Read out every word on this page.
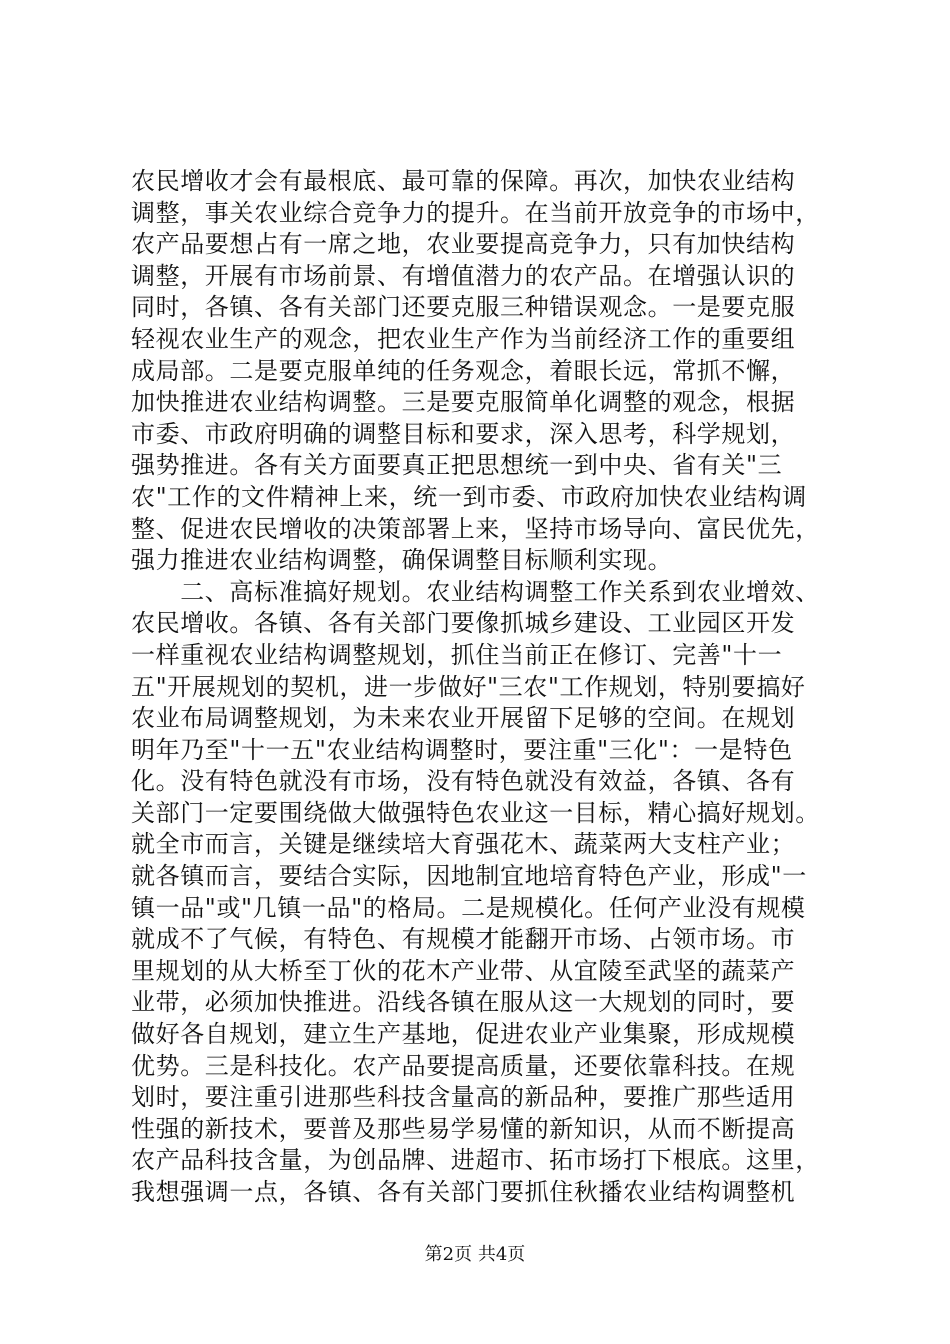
农民增收才会有最根底、最可靠的保障。再次，加快农业结构
调整，事关农业综合竞争力的提升。在当前开放竞争的市场中，
农产品要想占有一席之地，农业要提高竞争力，只有加快结构
调整，开展有市场前景、有增值潜力的农产品。在增强认识的
同时，各镇、各有关部门还要克服三种错误观念。一是要克服
轻视农业生产的观念，把农业生产作为当前经济工作的重要组
成局部。二是要克服单纯的任务观念，着眼长远，常抓不懈，
加快推进农业结构调整。三是要克服简单化调整的观念，根据
市委、市政府明确的调整目标和要求，深入思考，科学规划，
强势推进。各有关方面要真正把思想统一到中央、省有关"三
农"工作的文件精神上来，统一到市委、市政府加快农业结构调
整、促进农民增收的决策部署上来，坚持市场导向、富民优先，
强力推进农业结构调整，确保调整目标顺利实现。
　　二、高标准搞好规划。农业结构调整工作关系到农业增效、
农民增收。各镇、各有关部门要像抓城乡建设、工业园区开发
一样重视农业结构调整规划，抓住当前正在修订、完善"十一
五"开展规划的契机，进一步做好"三农"工作规划，特别要搞好
农业布局调整规划，为未来农业开展留下足够的空间。在规划
明年乃至"十一五"农业结构调整时，要注重"三化"：一是特色
化。没有特色就没有市场，没有特色就没有效益，各镇、各有
关部门一定要围绕做大做强特色农业这一目标，精心搞好规划。
就全市而言，关键是继续培大育强花木、蔬菜两大支柱产业；
就各镇而言，要结合实际，因地制宜地培育特色产业，形成"一
镇一品"或"几镇一品"的格局。二是规模化。任何产业没有规模
就成不了气候，有特色、有规模才能翻开市场、占领市场。市
里规划的从大桥至丁伙的花木产业带、从宜陵至武坚的蔬菜产
业带，必须加快推进。沿线各镇在服从这一大规划的同时，要
做好各自规划，建立生产基地，促进农业产业集聚，形成规模
优势。三是科技化。农产品要提高质量，还要依靠科技。在规
划时，要注重引进那些科技含量高的新品种，要推广那些适用
性强的新技术，要普及那些易学易懂的新知识，从而不断提高
农产品科技含量，为创品牌、进超市、拓市场打下根底。这里，
我想强调一点，各镇、各有关部门要抓住秋播农业结构调整机
第2页 共4页
